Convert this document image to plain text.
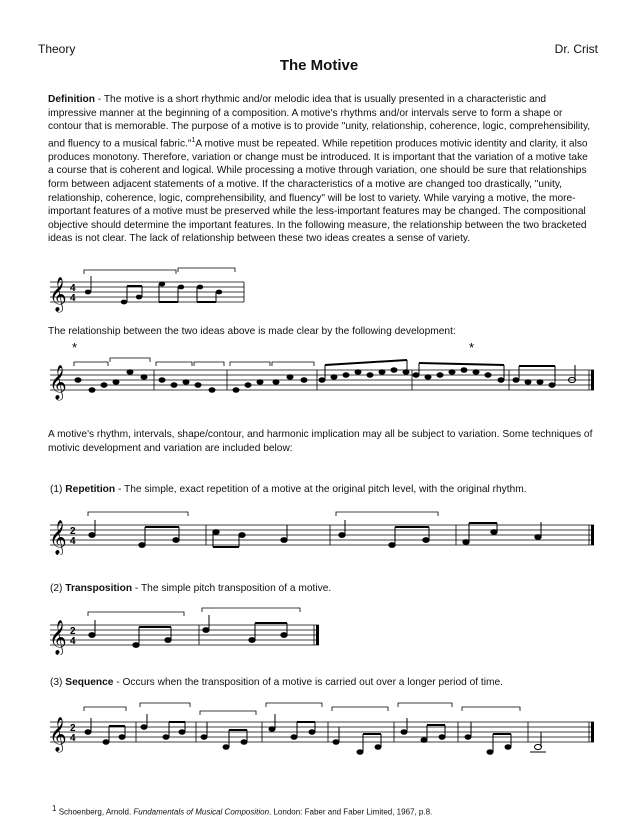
Theory	Dr. Crist
The Motive
Definition - The motive is a short rhythmic and/or melodic idea that is usually presented in a characteristic and impressive manner at the beginning of a composition. A motive's rhythms and/or intervals serve to form a shape or contour that is memorable. The purpose of a motive is to provide "unity, relationship, coherence, logic, comprehensibility, and fluency to a musical fabric."$^1$A motive must be repeated. While repetition produces motivic identity and clarity, it also produces monotony. Therefore, variation or change must be introduced. It is important that the variation of a motive take a course that is coherent and logical. While processing a motive through variation, one should be sure that relationships form between adjacent statements of a motive. If the characteristics of a motive are changed too drastically, "unity, relationship, coherence, logic, comprehensibility, and fluency" will be lost to variety. While varying a motive, the more-important features of a motive must be preserved while the less-important features may be changed. The compositional objective should determine the important features. In the following measure, the relationship between the two bracketed ideas is not clear. The lack of relationship between these two ideas creates a sense of variety.
𝄞 4
4
The relationship between the two ideas above is made clear by the following development:
*	*
𝄞
A motive's rhythm, intervals, shape/contour, and harmonic implication may all be subject to variation. Some techniques of motivic development and variation are included below:
(1) Repetition - The simple, exact repetition of a motive at the original pitch level, with the original rhythm.
𝄞 2
4
(2) Transposition - The simple pitch transposition of a motive.
𝄞 2
4
(3) Sequence - Occurs when the transposition of a motive is carried out over a longer period of time.
𝄞 2
4
$^1$ Schoenberg, Arnold. Fundamentals of Musical Composition. London: Faber and Faber Limited, 1967, p.8.
